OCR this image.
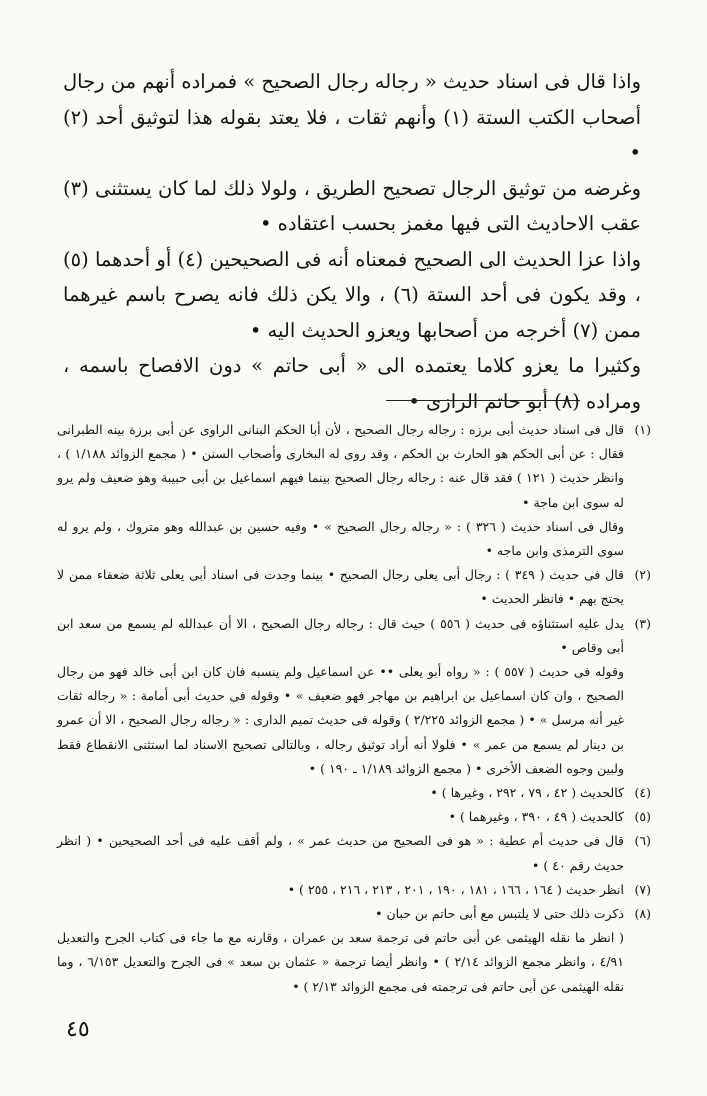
واذا قال فى اسناد حديث « رجاله رجال الصحيح » فمراده أنهم من رجال أصحاب الكتب الستة (١) وأنهم ثقات ، فلا يعتد بقوله هذا لتوثيق أحد (٢) •

وغرضه من توثيق الرجال تصحيح الطريق ، ولولا ذلك لما كان يستثنى (٣) عقب الاحاديث التى فيها مغمز بحسب اعتقاده •

واذا عزا الحديث الى الصحيح فمعناه أنه فى الصحيحين (٤) أو أحدهما (٥) ، وقد يكون فى أحد الستة (٦) ، والا يكن ذلك فانه يصرح باسم غيرهما ممن (٧) أخرجه من أصحابها ويعزو الحديث اليه •

وكثيرا ما يعزو كلاما يعتمده الى « أبى حاتم » دون الافصاح باسمه ، ومراده (٨) أبو حاتم الرازى •

(١)

قال فى اسناد حديث أبى برزه : رجاله رجال الصحيح ، لأن أبا الحكم البنانى الراوى عن أبى برزة بينه الطبرانى فقال : عن أبى الحكم هو الحارث بن الحكم ، وقد روى له البخارى وأصحاب السنن • ( مجمع الزوائد ١/١٨٨ ) ، وانظر حديث ( ١٢١ ) فقد قال عنه : رجاله رجال الصحيح بينما فيهم اسماعيل بن أبى حبيبة وهو ضعيف ولم يرو له سوى ابن ماجة •

وقال فى اسناد حديث ( ٣٢٦ ) : « رجاله رجال الصحيح » • وفيه حسين بن عبدالله وهو متروك ، ولم يرو له سوى الترمذى وابن ماجه •

(٢)

قال فى حديث ( ٣٤٩ ) : رجال أبى يعلى رجال الصحيح • بينما وجدت فى اسناد أبى يعلى ثلاثة ضعفاء ممن لا يحتج بهم • فانظر الحديث •

(٣)

يدل عليه استثناؤه فى حديث ( ٥٥٦ ) حيث قال : رجاله رجال الصحيح ، الا أن عبدالله لم يسمع من سعد ابن أبى وقاص •

وقوله فى حديث ( ٥٥٧ ) : « رواه أبو يعلى •• عن اسماعيل ولم ينسبه فان كان ابن أبى خالد فهو من رجال الصحيح ، وان كان اسماعيل بن ابراهيم بن مهاجر فهو ضعيف » • وقوله فى حديث أبى أمامة : « رجاله ثقات غير أنه مرسل » • ( مجمع الزوائد ٢/٢٢٥ ) وقوله فى حديث تميم الدارى : « رجاله رجال الصحيح ، الا أن عمرو بن دينار لم يسمع من عمر » • فلولا أنه أراد توثيق رجاله ، وبالتالى تصحيح الاسناد لما استثنى الانقطاع فقط ولبين وجوه الضعف الأخرى • ( مجمع الزوائد ١/١٨٩ ـ ١٩٠ ) •

(٤)

كالحديث ( ٤٢ ، ٧٩ ، ٢٩٢ ، وغيرها ) •

(٥)

كالحديث ( ٤٩ ، ٣٩٠ ، وغيرهما ) •

(٦)

قال فى حديث أم عطية : « هو فى الصحيح من حديث عمر » ، ولم أقف عليه فى أحد الصحيحين • ( انظر حديث رقم ٤٠ ) •

(٧)

انظر حديث ( ١٦٤ ، ١٦٦ ، ١٨١ ، ١٩٠ ، ٢٠١ ، ٢١٣ ، ٢١٦ ، ٢٥٥ ) •

(٨)

ذكرت ذلك حتى لا يلتبس مع أبى حاتم بن حبان •

( انظر ما نقله الهيثمى عن أبى حاتم فى ترجمة سعد بن عمران ، وقارنه مع ما جاء فى كتاب الجرح والتعديل ٤/٩١ ، وانظر مجمع الزوائد ٢/١٤ ) • وانظر أيضا ترجمة « عثمان بن سعد » فى الجرح والتعديل ٦/١٥٣ ، وما نقله الهيثمى عن أبى حاتم فى ترجمته فى مجمع الزوائد ٢/١٣ ) •

٤٥
